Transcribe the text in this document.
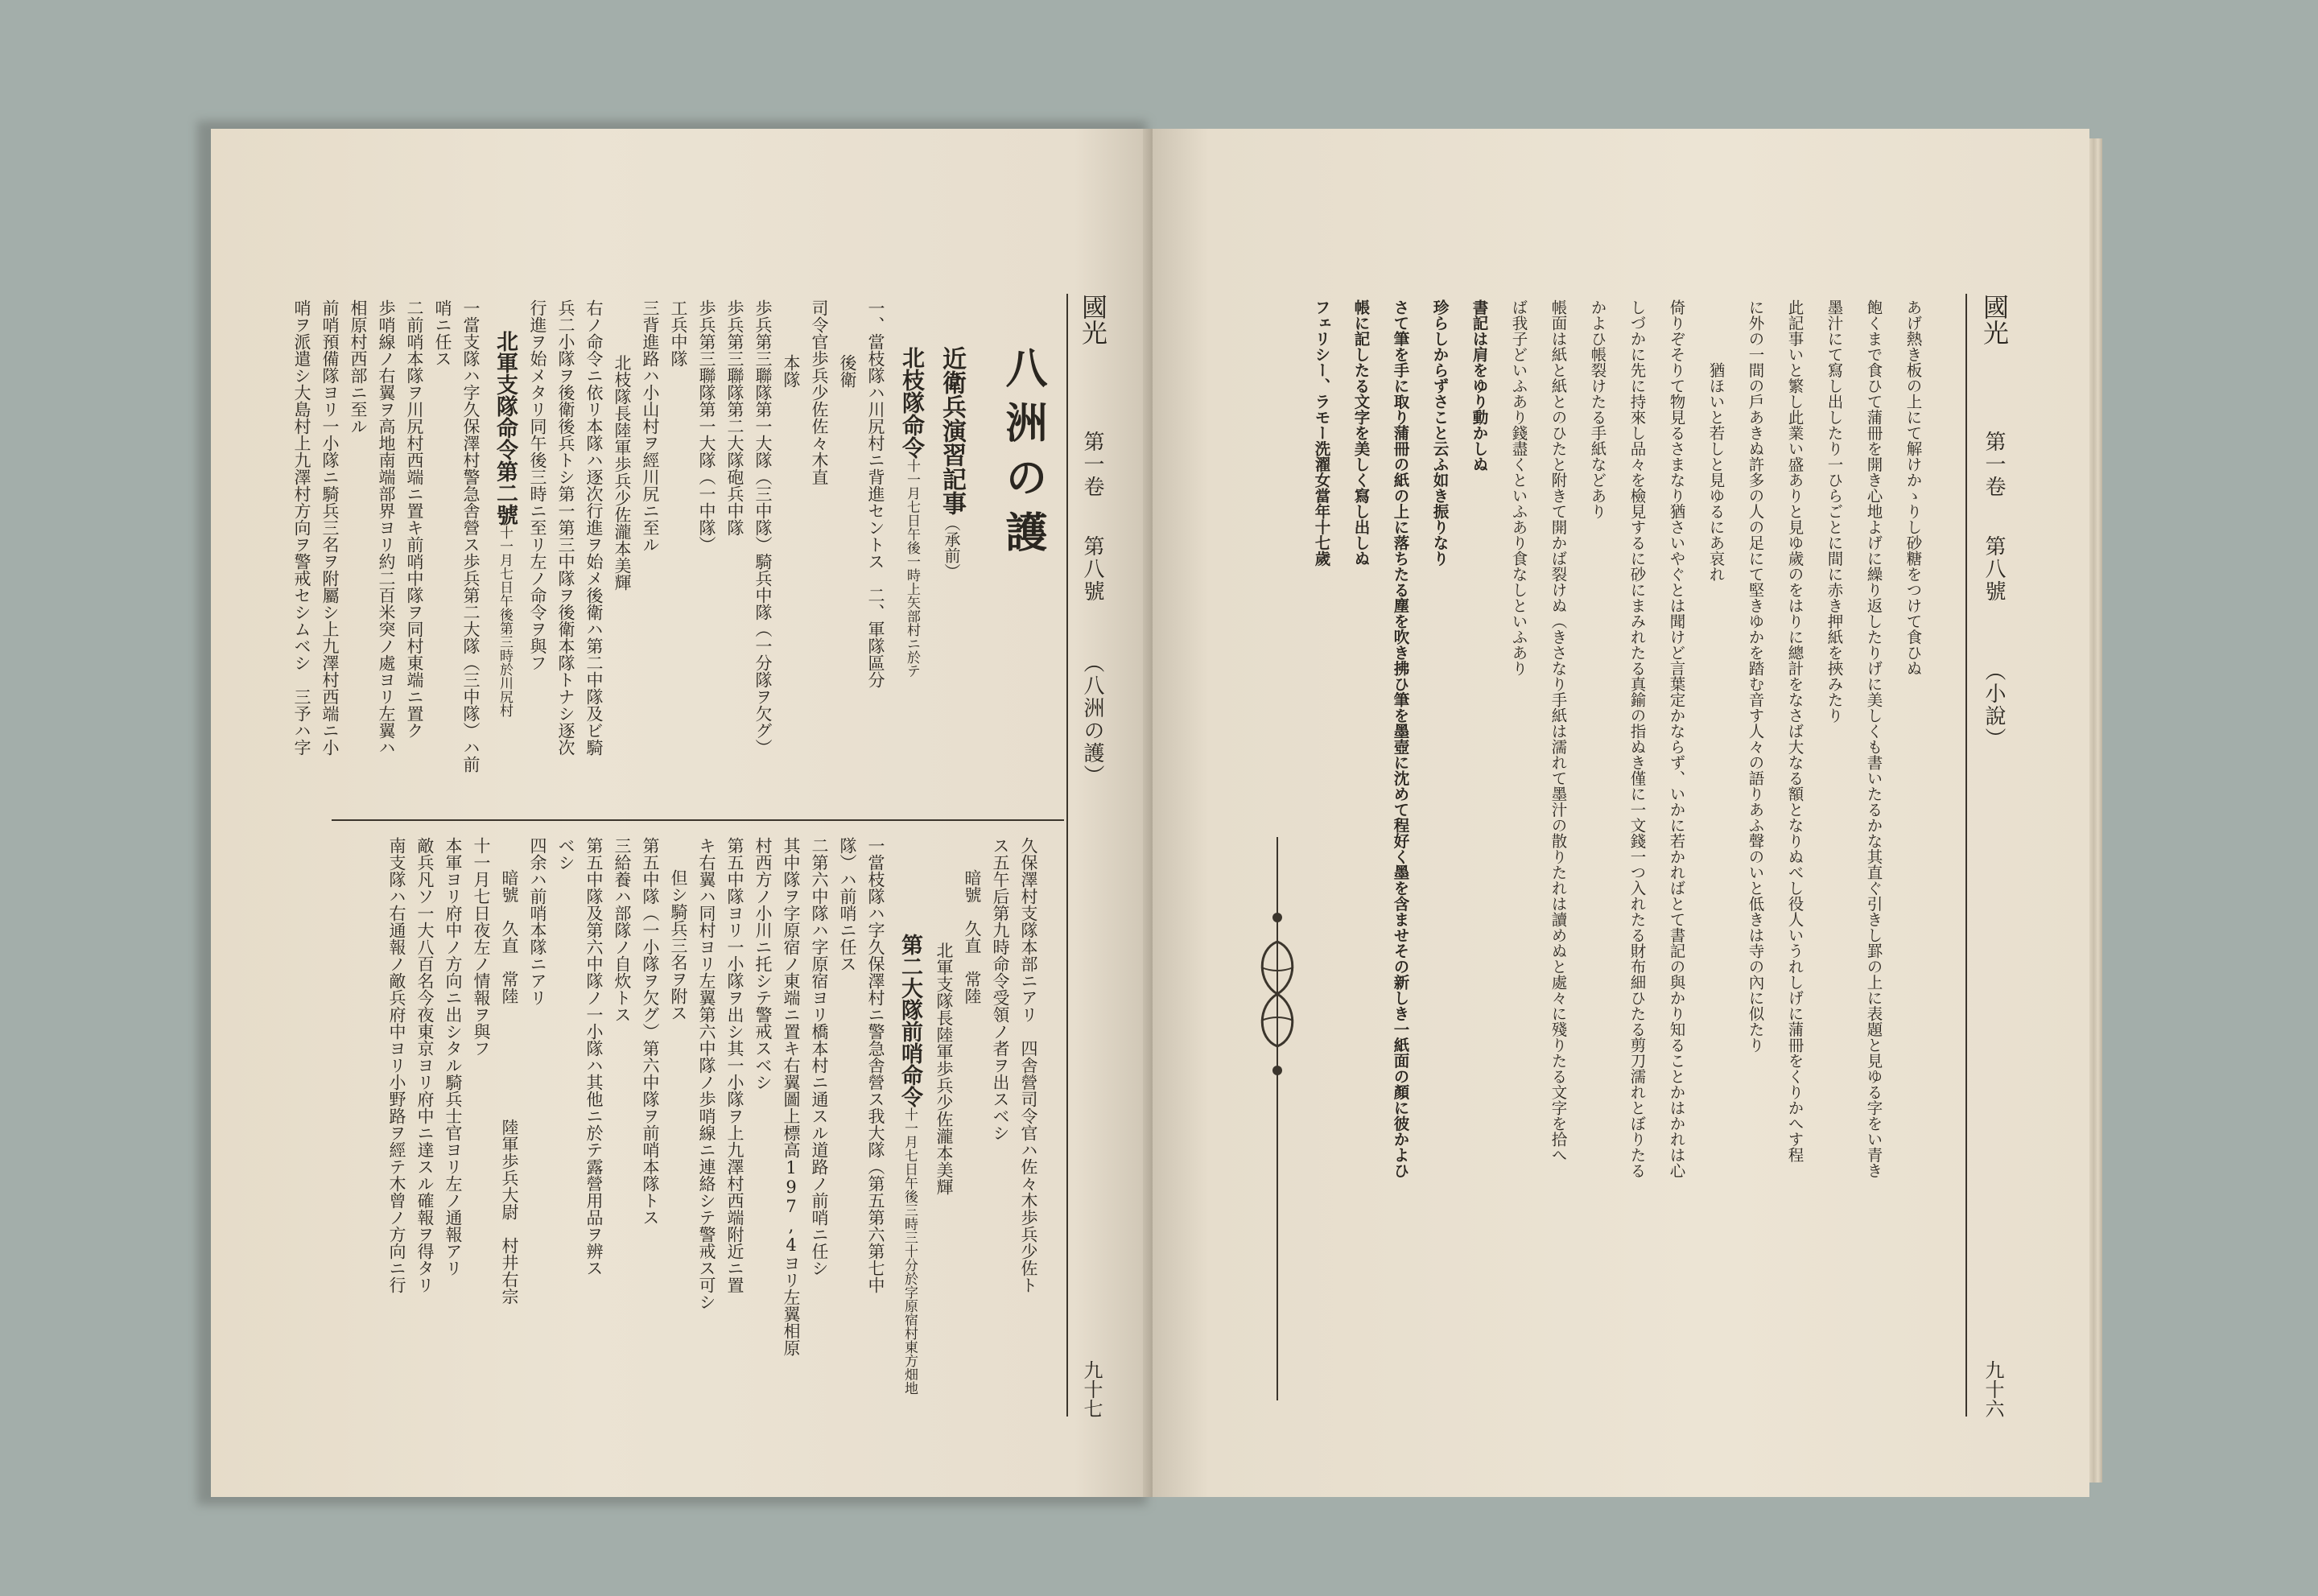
國光
第一卷
第八號
（八洲の護）
九十七
八洲の護
近衛兵演習記事（承前）
北枝隊命令十一月七日午後一時上矢部村ニ於テ
一、當枝隊ハ川尻村ニ背進セントス　二、軍隊區分
後衛
司令官歩兵少佐佐々木直
本隊
歩兵第三聯隊第一大隊（三中隊）騎兵中隊（一分隊ヲ欠グ）
歩兵第三聯隊第二大隊砲兵中隊
歩兵第三聯隊第一大隊（一中隊）
工兵中隊
三背進路ハ小山村ヲ經川尻ニ至ル
北枝隊長陸軍歩兵少佐瀧本美輝
右ノ命令ニ依リ本隊ハ逐次行進ヲ始メ後衛ハ第二中隊及ビ騎
兵二小隊ヲ後衛後兵トシ第一第三中隊ヲ後衛本隊トナシ逐次
行進ヲ始メタリ同午後三時ニ至リ左ノ命令ヲ與フ
北軍支隊命令第二號十一月七日午後第三時於川尻村
一當支隊ハ字久保澤村警急舎營ス歩兵第二大隊（三中隊）ハ前
哨ニ任ス
二前哨本隊ヲ川尻村西端ニ置キ前哨中隊ヲ同村東端ニ置ク
歩哨線ノ右翼ヲ高地南端部界ヨリ約二百米突ノ處ヨリ左翼ハ
相原村西部ニ至ル
前哨預備隊ヨリ一小隊ニ騎兵三名ヲ附屬シ上九澤村西端ニ小
哨ヲ派遣シ大島村上九澤村方向ヲ警戒セシムベシ　三予ハ字
久保澤村支隊本部ニアリ　四舎營司令官ハ佐々木歩兵少佐ト
ス五午后第九時命令受領ノ者ヲ出スベシ
暗號　久直　常陸
北軍支隊長陸軍歩兵少佐瀧本美輝
第二大隊前哨命令十一月七日午後三時三十分於字原宿村東方畑地
一當枝隊ハ字久保澤村ニ警急舎營ス我大隊（第五第六第七中
隊）ハ前哨ニ任ス
二第六中隊ハ字原宿ヨリ橋本村ニ通スル道路ノ前哨ニ任シ
其中隊ヲ字原宿ノ東端ニ置キ右翼圖上標高197,4ヨリ左翼相原
村西方ノ小川ニ托シテ警戒スベシ
第五中隊ヨリ一小隊ヲ出シ其一小隊ヲ上九澤村西端附近ニ置
キ右翼ハ同村ヨリ左翼第六中隊ノ歩哨線ニ連絡シテ警戒ス可シ
但シ騎兵三名ヲ附ス
第五中隊（一小隊ヲ欠グ）第六中隊ヲ前哨本隊トス
三給養ハ部隊ノ自炊トス
第五中隊及第六中隊ノ一小隊ハ其他ニ於テ露營用品ヲ辨ス
ベシ
四余ハ前哨本隊ニアリ
暗號　久直　常陸
陸軍歩兵大尉　村井右宗
十一月七日夜左ノ情報ヲ與フ
本軍ヨリ府中ノ方向ニ出シタル騎兵士官ヨリ左ノ通報アリ
敵兵凡ソ一大八百名今夜東京ヨリ府中ニ達スル確報ヲ得タリ
南支隊ハ右通報ノ敵兵府中ヨリ小野路ヲ經テ木曾ノ方向ニ行
國光
第一卷
第八號
（小說）
九十六
あげ熱き板の上にて解けかゝりし砂糖をつけて食ひぬ
飽くまで食ひて蒲冊を開き心地よげに繰り返したりげに美しくも書いたるかな其直ぐ引きし罫の上に表題と見ゆる字をい青き
墨汁にて寫し出したり一ひらごとに間に赤き押紙を挾みたり
此記事いと繁し此業い盛ありと見ゆ歲のをはりに總計をなさば大なる額となりぬべし役人いうれしげに蒲冊をくりかへす程
に外の一間の戶あきぬ許多の人の足にて堅きゆかを踏む音す人々の語りあふ聲のいと低きは寺の內に似たり
猶ほいと若しと見ゆるにあ哀れ
倚りぞそりて物見るさまなり猶さいやぐとは聞けど言葉定かならず、いかに若かればとて書記の與かり知ることかはかれは心
しづかに先に持來し品々を檢見するに砂にまみれたる真鍮の指ぬき僅に一文錢一つ入れたる財布細ひたる剪刀濡れとぼりたる
かよひ帳裂けたる手紙などあり
帳面は紙と紙とのひたと附きて開かば裂けぬ（きさなり手紙は濡れて墨汁の散りたれは讀めぬと處々に殘りたる文字を拾へ
ば我子どいふあり錢盡くといふあり食なしといふあり
書記は肩をゆり動かしぬ
珍らしからずさこと云ふ如き振りなり
さて筆を手に取り蒲冊の紙の上に落ちたる塵を吹き拂ひ筆を墨壺に沈めて程好く墨を含ませその新しき一紙面の顏に彼かよひ
帳に記したる文字を美しく寫し出しぬ
フェリシー、ラモー洗濯女當年十七歲
